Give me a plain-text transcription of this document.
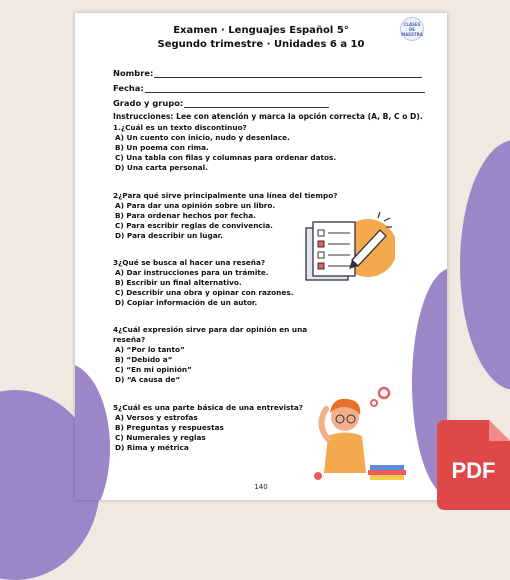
Examen · Lenguajes Español 5°
Segundo trimestre · Unidades 6 a 10
CLASES DE MAESTRA
Nombre:
Fecha:
Grado y grupo:
Instrucciones: Lee con atención y marca la opción correcta (A, B, C o D).
1.¿Cuál es un texto discontinuo?
A) Un cuento con inicio, nudo y desenlace.
B) Un poema con rima.
C) Una tabla con filas y columnas para ordenar datos.
D) Una carta personal.
2¿Para qué sirve principalmente una línea del tiempo?
A) Para dar una opinión sobre un libro.
B) Para ordenar hechos por fecha.
C) Para escribir reglas de convivencia.
D) Para describir un lugar.
3¿Qué se busca al hacer una reseña?
A) Dar instrucciones para un trámite.
B) Escribir un final alternativo.
C) Describir una obra y opinar con razones.
D) Copiar información de un autor.
4¿Cuál expresión sirve para dar opinión en una reseña?
A) “Por lo tanto”
B) “Debido a”
C) “En mi opinión”
D) “A causa de”
5¿Cuál es una parte básica de una entrevista?
A) Versos y estrofas
B) Preguntas y respuestas
C) Numerales y reglas
D) Rima y métrica
140
PDF
